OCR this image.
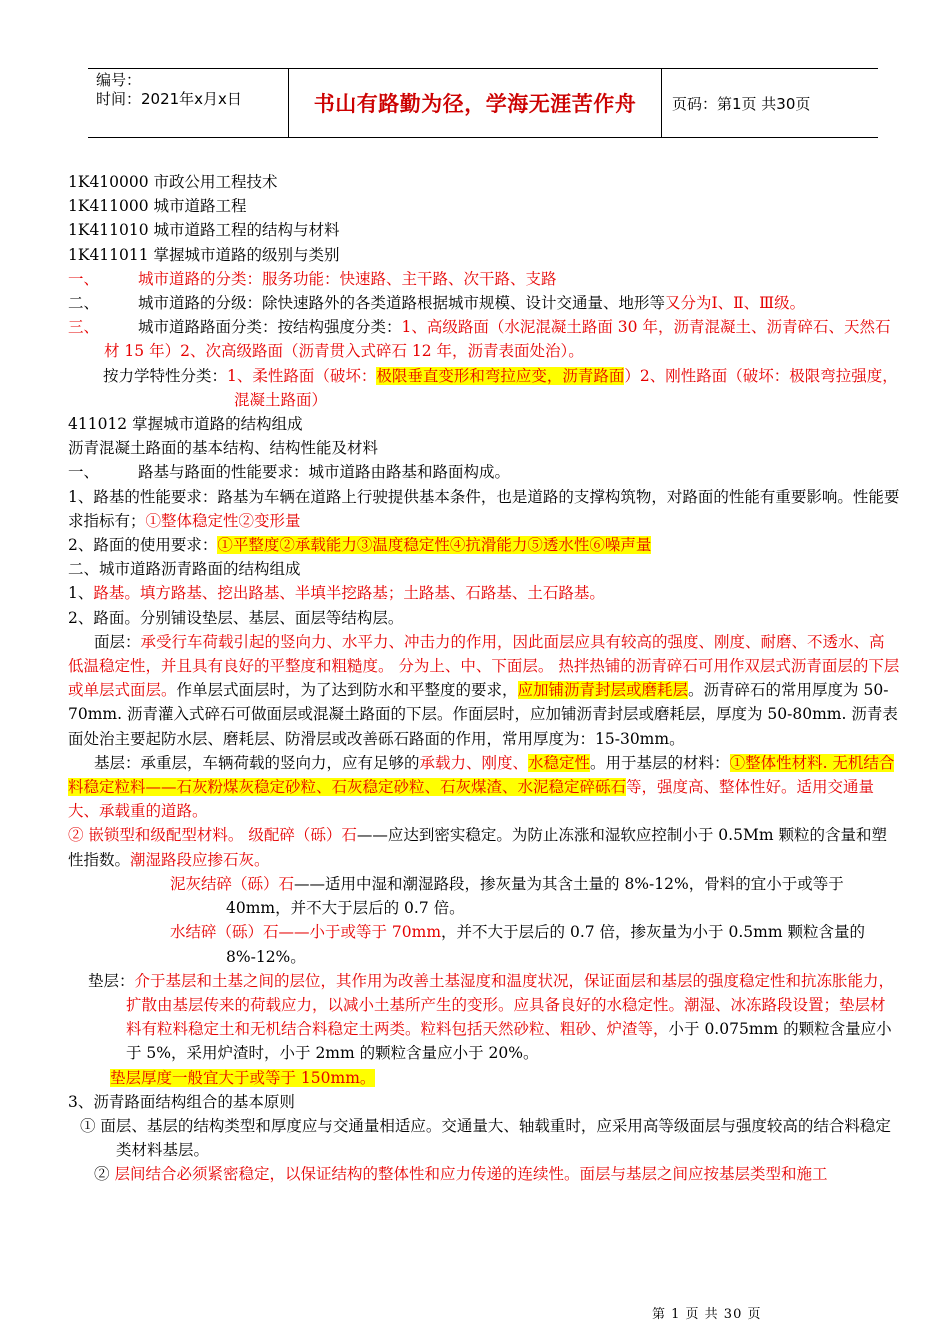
编号：
时间：2021年x月x日	书山有路勤为径，学海无涯苦作舟	页码：第1页 共30页
1K410000 市政公用工程技术
1K411000 城市道路工程
1K411010 城市道路工程的结构与材料
1K411011 掌握城市道路的级别与类别
一、	城市道路的分类：服务功能：快速路、主干路、次干路、支路
二、	城市道路的分级：除快速路外的各类道路根据城市规模、设计交通量、地形等又分为Ⅰ、Ⅱ、Ⅲ级。
三、	城市道路路面分类：按结构强度分类：1、高级路面（水泥混凝土路面 30 年，沥青混凝土、沥青碎石、天然石材 15 年）2、次高级路面（沥青贯入式碎石 12 年，沥青表面处治）。
按力学特性分类：1、柔性路面（破坏：极限垂直变形和弯拉应变，沥青路面）2、刚性路面（破坏：极限弯拉强度，混凝土路面）
411012 掌握城市道路的结构组成
沥青混凝土路面的基本结构、结构性能及材料
一、	路基与路面的性能要求：城市道路由路基和路面构成。
1、路基的性能要求：路基为车辆在道路上行驶提供基本条件，也是道路的支撑构筑物，对路面的性能有重要影响。性能要求指标有；①整体稳定性②变形量
2、路面的使用要求：①平整度②承载能力③温度稳定性④抗滑能力⑤透水性⑥噪声量
二、城市道路沥青路面的结构组成
1、路基。填方路基、挖出路基、半填半挖路基；土路基、石路基、土石路基。
2、路面。分别铺设垫层、基层、面层等结构层。
面层：承受行车荷载引起的竖向力、水平力、冲击力的作用，因此面层应具有较高的强度、刚度、耐磨、不透水、高低温稳定性，并且具有良好的平整度和粗糙度。 分为上、中、下面层。 热拌热铺的沥青碎石可用作双层式沥青面层的下层或单层式面层。作单层式面层时，为了达到防水和平整度的要求，应加铺沥青封层或磨耗层。沥青碎石的常用厚度为 50-70mm. 沥青灌入式碎石可做面层或混凝土路面的下层。作面层时，应加铺沥青封层或磨耗层，厚度为 50-80mm. 沥青表面处治主要起防水层、磨耗层、防滑层或改善砾石路面的作用，常用厚度为：15-30mm。
基层：承重层，车辆荷载的竖向力，应有足够的承载力、刚度、水稳定性。用于基层的材料：①整体性材料. 无机结合料稳定粒料——石灰粉煤灰稳定砂粒、石灰稳定砂粒、石灰煤渣、水泥稳定碎砾石等，强度高、整体性好。适用交通量大、承载重的道路。
② 嵌锁型和级配型材料。 级配碎（砾）石——应达到密实稳定。为防止冻涨和湿软应控制小于 0.5Mm 颗粒的含量和塑性指数。潮湿路段应掺石灰。
泥灰结碎（砾）石——适用中湿和潮湿路段，掺灰量为其含土量的 8%-12%，骨料的宜小于或等于 40mm，并不大于层后的 0.7 倍。
水结碎（砾）石——小于或等于 70mm，并不大于层后的 0.7 倍，掺灰量为小于 0.5mm 颗粒含量的 8%-12%。
垫层：介于基层和土基之间的层位，其作用为改善土基湿度和温度状况，保证面层和基层的强度稳定性和抗冻胀能力，扩散由基层传来的荷载应力，以减小土基所产生的变形。应具备良好的水稳定性。潮湿、冰冻路段设置；垫层材料有粒料稳定土和无机结合料稳定土两类。粒料包括天然砂粒、粗砂、炉渣等，小于 0.075mm 的颗粒含量应小于 5%，采用炉渣时，小于 2mm 的颗粒含量应小于 20%。
垫层厚度一般宜大于或等于 150mm。
3、沥青路面结构组合的基本原则
① 面层、基层的结构类型和厚度应与交通量相适应。交通量大、轴载重时，应采用高等级面层与强度较高的结合料稳定类材料基层。
② 层间结合必须紧密稳定，以保证结构的整体性和应力传递的连续性。面层与基层之间应按基层类型和施工
第 1 页 共 30 页
